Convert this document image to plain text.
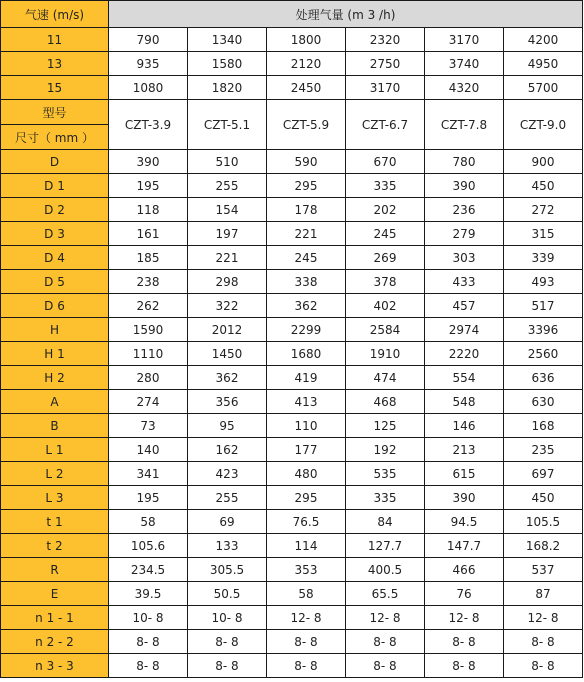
气速 (m/s)	处理气量 (m 3 /h)					
11	790	1340	1800	2320	3170	4200
13	935	1580	2120	2750	3740	4950
15	1080	1820	2450	3170	4320	5700
型号	CZT-3.9	CZT-5.1	CZT-5.9	CZT-6.7	CZT-7.8	CZT-9.0
尺寸（ mm ）						
D	390	510	590	670	780	900
D 1	195	255	295	335	390	450
D 2	118	154	178	202	236	272
D 3	161	197	221	245	279	315
D 4	185	221	245	269	303	339
D 5	238	298	338	378	433	493
D 6	262	322	362	402	457	517
H	1590	2012	2299	2584	2974	3396
H 1	1110	1450	1680	1910	2220	2560
H 2	280	362	419	474	554	636
A	274	356	413	468	548	630
B	73	95	110	125	146	168
L 1	140	162	177	192	213	235
L 2	341	423	480	535	615	697
L 3	195	255	295	335	390	450
t 1	58	69	76.5	84	94.5	105.5
t 2	105.6	133	114	127.7	147.7	168.2
R	234.5	305.5	353	400.5	466	537
E	39.5	50.5	58	65.5	76	87
n 1 - 1	10- 8	10- 8	12- 8	12- 8	12- 8	12- 8
n 2 - 2	8- 8	8- 8	8- 8	8- 8	8- 8	8- 8
n 3 - 3	8- 8	8- 8	8- 8	8- 8	8- 8	8- 8
